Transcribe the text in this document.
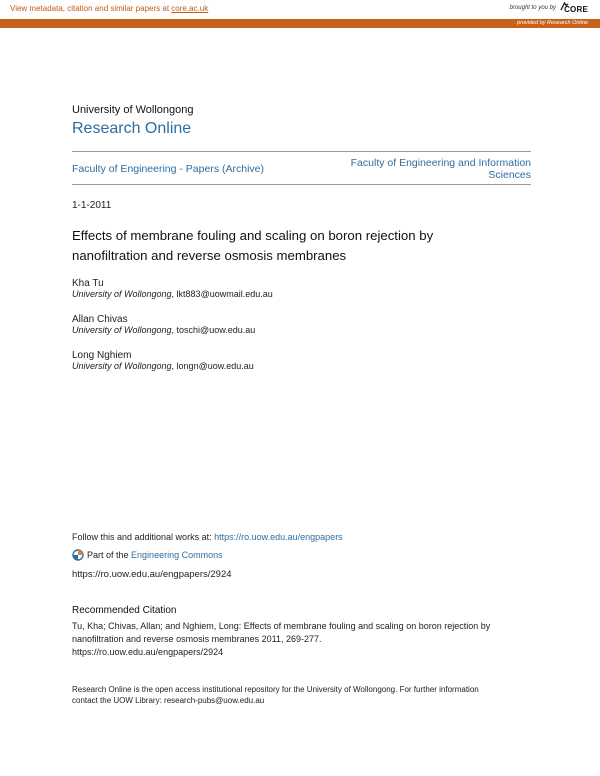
View metadata, citation and similar papers at core.ac.uk	brought to you by CORE
provided by Research Online
University of Wollongong
Research Online
Faculty of Engineering - Papers (Archive)	Faculty of Engineering and Information
Sciences
1-1-2011
Effects of membrane fouling and scaling on boron rejection by
nanofiltration and reverse osmosis membranes
Kha Tu
University of Wollongong, lkt883@uowmail.edu.au
Allan Chivas
University of Wollongong, toschi@uow.edu.au
Long Nghiem
University of Wollongong, longn@uow.edu.au
Follow this and additional works at: https://ro.uow.edu.au/engpapers
Part of the Engineering Commons
https://ro.uow.edu.au/engpapers/2924
Recommended Citation
Tu, Kha; Chivas, Allan; and Nghiem, Long: Effects of membrane fouling and scaling on boron rejection by
nanofiltration and reverse osmosis membranes 2011, 269-277.
https://ro.uow.edu.au/engpapers/2924
Research Online is the open access institutional repository for the University of Wollongong. For further information
contact the UOW Library: research-pubs@uow.edu.au
